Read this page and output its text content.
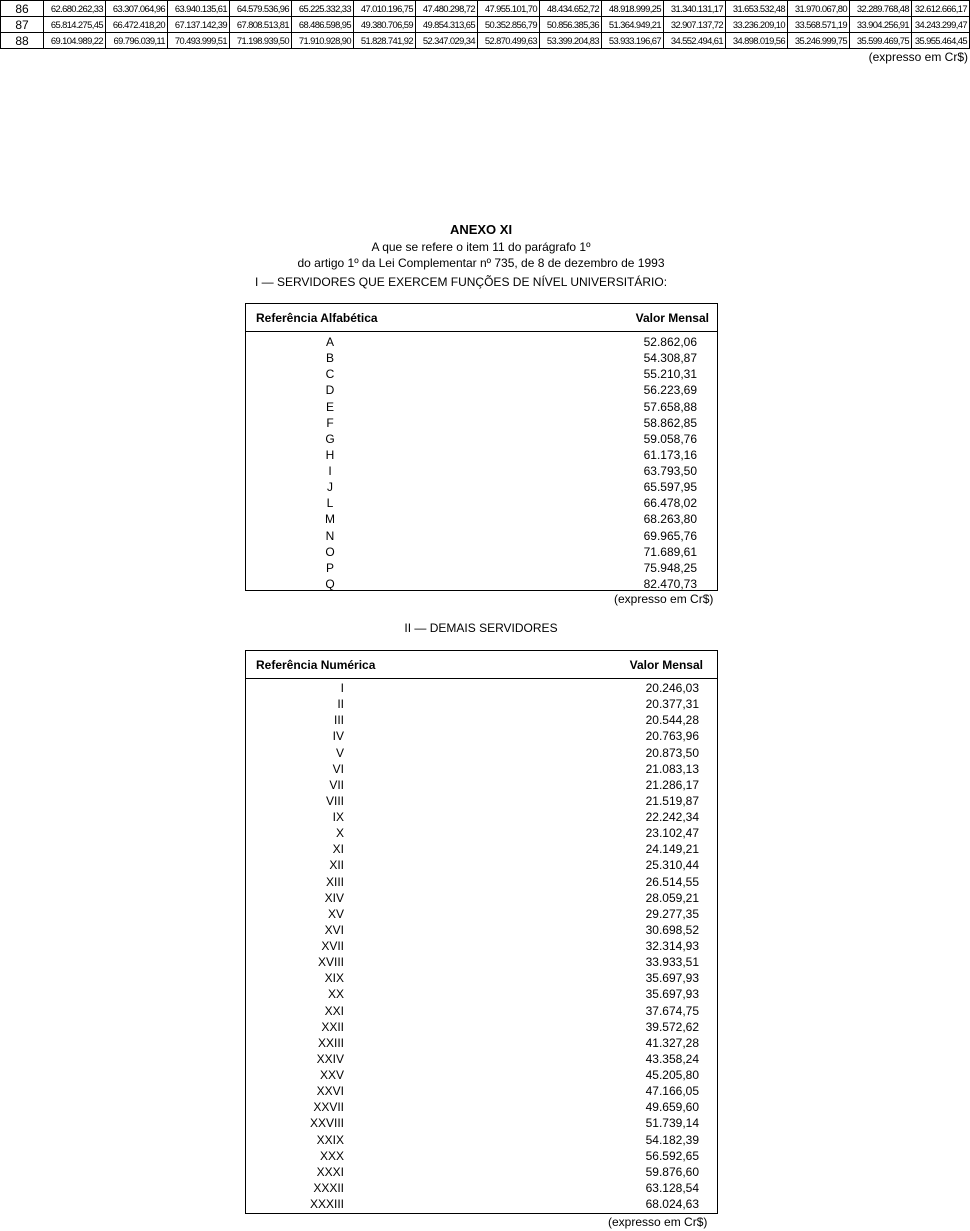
86	62.680.262,33	63.307.064,96	63.940.135,61	64.579.536,96	65.225.332,33	47.010.196,75	47.480.298,72	47.955.101,70	48.434.652,72	48.918.999,25	31.340.131,17	31.653.532,48	31.970.067,80	32.289.768,48	32.612.666,17
87	65.814.275,45	66.472.418,20	67.137.142,39	67.808.513,81	68.486.598,95	49.380.706,59	49.854.313,65	50.352.856,79	50.856.385,36	51.364.949,21	32.907.137,72	33.236.209,10	33.568.571,19	33.904.256,91	34.243.299,47
88	69.104.989,22	69.796.039,11	70.493.999,51	71.198.939,50	71.910.928,90	51.828.741,92	52.347.029,34	52.870.499,63	53.399.204,83	53.933.196,67	34.552.494,61	34.898.019,56	35.246.999,75	35.599.469,75	35.955.464,45
(expresso em Cr$)
ANEXO XI
A que se refere o item 11 do parágrafo 1º
do artigo 1º da Lei Complementar nº 735, de 8 de dezembro de 1993
I — SERVIDORES QUE EXERCEM FUNÇÕES DE NÍVEL UNIVERSITÁRIO:
Referência Alfabética	Valor Mensal
A	52.862,06
B	54.308,87
C	55.210,31
D	56.223,69
E	57.658,88
F	58.862,85
G	59.058,76
H	61.173,16
I	63.793,50
J	65.597,95
L	66.478,02
M	68.263,80
N	69.965,76
O	71.689,61
P	75.948,25
Q	82.470,73
(expresso em Cr$)
II — DEMAIS SERVIDORES
Referência Numérica	Valor Mensal
I	20.246,03
II	20.377,31
III	20.544,28
IV	20.763,96
V	20.873,50
VI	21.083,13
VII	21.286,17
VIII	21.519,87
IX	22.242,34
X	23.102,47
XI	24.149,21
XII	25.310,44
XIII	26.514,55
XIV	28.059,21
XV	29.277,35
XVI	30.698,52
XVII	32.314,93
XVIII	33.933,51
XIX	35.697,93
XX	35.697,93
XXI	37.674,75
XXII	39.572,62
XXIII	41.327,28
XXIV	43.358,24
XXV	45.205,80
XXVI	47.166,05
XXVII	49.659,60
XXVIII	51.739,14
XXIX	54.182,39
XXX	56.592,65
XXXI	59.876,60
XXXII	63.128,54
XXXIII	68.024,63
(expresso em Cr$)
